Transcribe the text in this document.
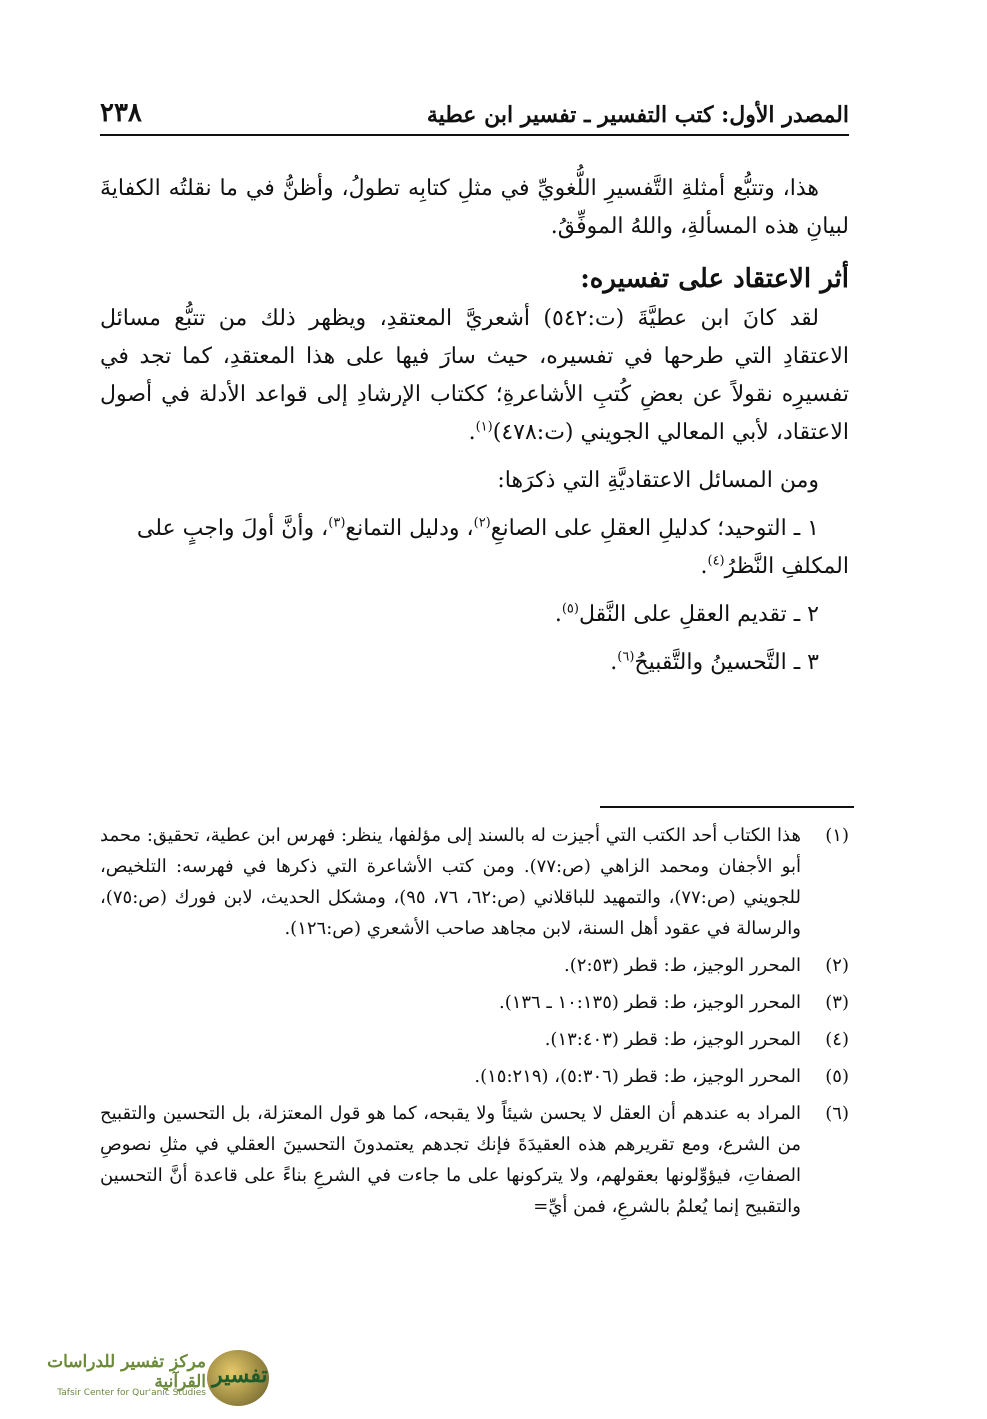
المصدر الأول: كتب التفسير ـ تفسير ابن عطية
٢٣٨

هذا، وتتبُّع أمثلةِ التَّفسيرِ اللُّغويِّ في مثلِ كتابِه تطولُ، وأظنُّ في ما نقلتُه الكفايةَ لبيانِ هذه المسألةِ، واللهُ الموفِّقُ.

أثر الاعتقاد على تفسيره:

لقد كانَ ابن عطيَّةَ (ت:٥٤٢) أشعريَّ المعتقدِ، ويظهر ذلك من تتبُّع مسائل الاعتقادِ التي طرحها في تفسيره، حيث سارَ فيها على هذا المعتقدِ، كما تجد في تفسيرِه نقولاً عن بعضِ كُتبِ الأشاعرةِ؛ ككتاب الإرشادِ إلى قواعد الأدلة في أصول الاعتقاد، لأبي المعالي الجويني (ت:٤٧٨)$^{(١)}$.

ومن المسائل الاعتقاديَّةِ التي ذكرَها:

١ ـ التوحيد؛ كدليلِ العقلِ على الصانعِ$^{(٢)}$، ودليل التمانع$^{(٣)}$، وأنَّ أولَ واجبٍ على المكلفِ النَّظرُ$^{(٤)}$.

٢ ـ تقديم العقلِ على النَّقل$^{(٥)}$.

٣ ـ التَّحسينُ والتَّقبيحُ$^{(٦)}$.

(١)
هذا الكتاب أحد الكتب التي أجيزت له بالسند إلى مؤلفها، ينظر: فهرس ابن عطية، تحقيق: محمد أبو الأجفان ومحمد الزاهي (ص:٧٧). ومن كتب الأشاعرة التي ذكرها في فهرسه: التلخيص، للجويني (ص:٧٧)، والتمهيد للباقلاني (ص:٦٢، ٧٦، ٩٥)، ومشكل الحديث، لابن فورك (ص:٧٥)، والرسالة في عقود أهل السنة، لابن مجاهد صاحب الأشعري (ص:١٢٦).
(٢)
المحرر الوجيز، ط: قطر (٢:٥٣).
(٣)
المحرر الوجيز، ط: قطر (١٠:١٣٥ ـ ١٣٦).
(٤)
المحرر الوجيز، ط: قطر (١٣:٤٠٣).
(٥)
المحرر الوجيز، ط: قطر (٥:٣٠٦)، (١٥:٢١٩).
(٦)
المراد به عندهم أن العقل لا يحسن شيئاً ولا يقبحه، كما هو قول المعتزلة، بل التحسين والتقبيح من الشرع، ومع تقريرهم هذه العقيدَةَ فإنك تجدهم يعتمدونَ التحسينَ العقلي في مثلِ نصوصِ الصفاتِ، فيؤوِّلونها بعقولهم، ولا يتركونها على ما جاءت في الشرعِ بناءً على قاعدة أنَّ التحسين والتقبيح إنما يُعلمُ بالشرعِ، فمن أيِّ=
تفسير
مركز تفسير للدراسات القرآنية
Tafsir Center for Qur'anic Studies
